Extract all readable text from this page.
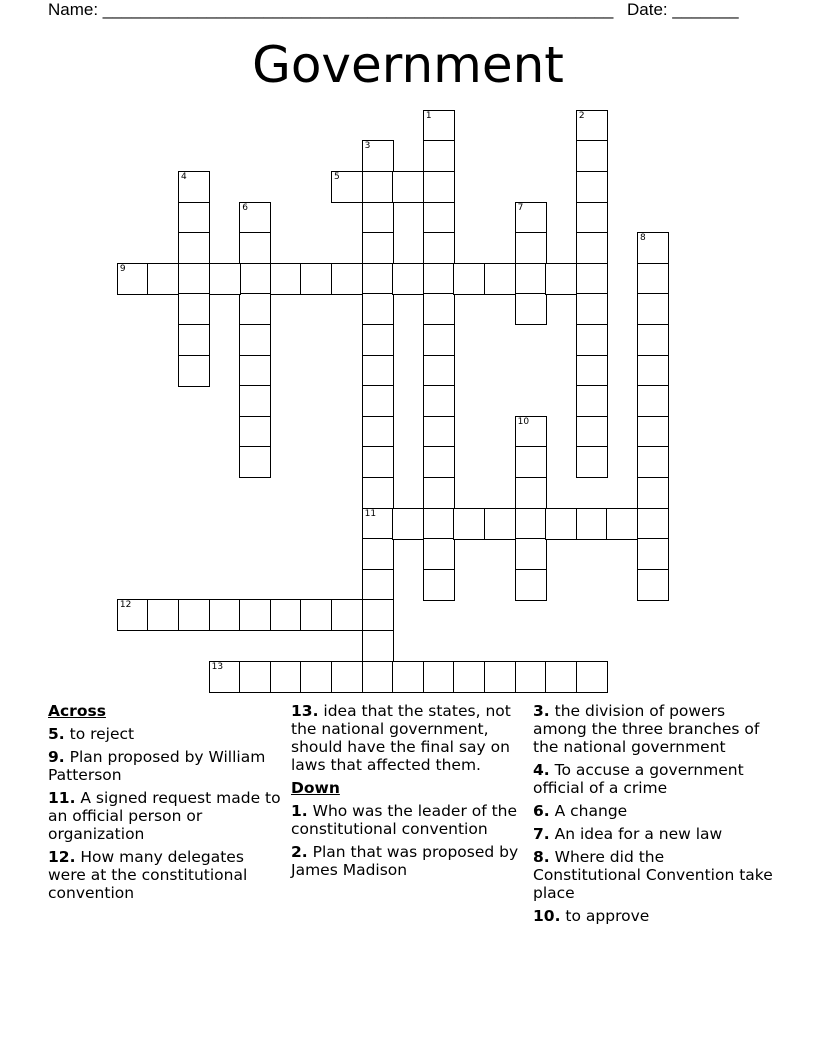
Name: ______________________________________________________ Date: _______
Government
1	2
3
11
4	5
6	7
8
9
10
12
13
Across
5. to reject
9. Plan proposed by William Patterson
11. A signed request made to an official person or organization
12. How many delegates were at the constitutional convention
13. idea that the states, not the national government, should have the final say on laws that affected them.
Down
1. Who was the leader of the constitutional convention
2. Plan that was proposed by James Madison
3. the division of powers among the three branches of the national government
4. To accuse a government official of a crime
6. A change
7. An idea for a new law
8. Where did the Constitutional Convention take place
10. to approve
